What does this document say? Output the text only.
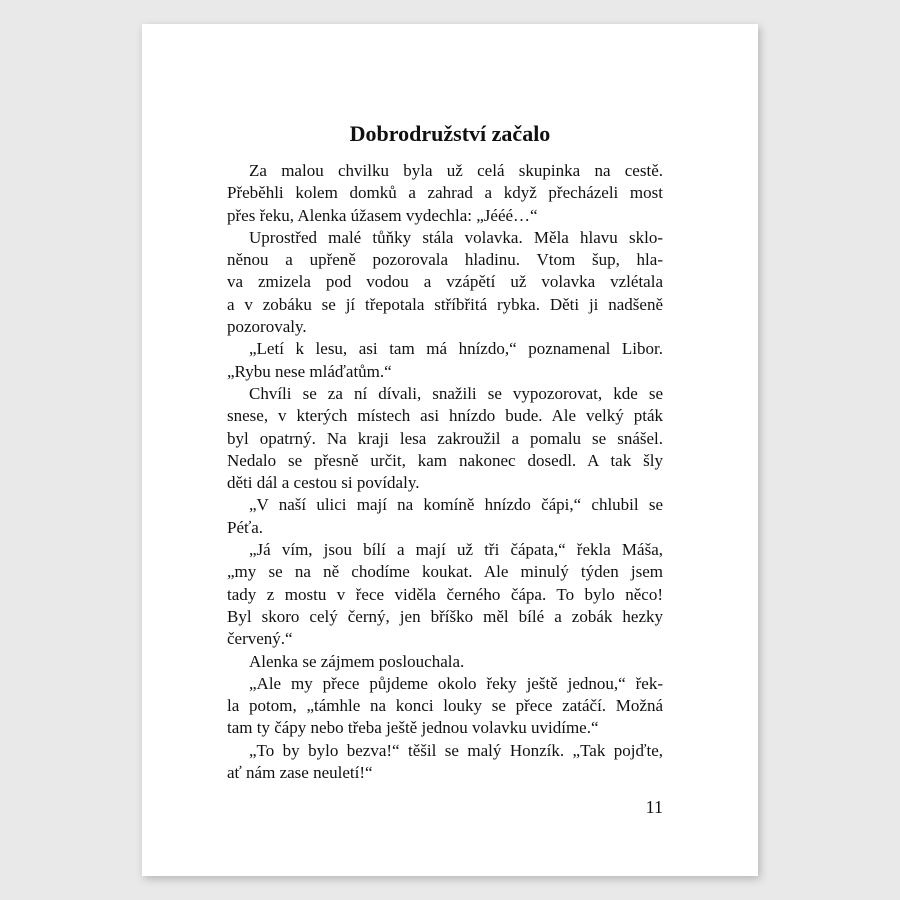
Dobrodružství začalo
Za malou chvilku byla už celá skupinka na cestě.
Přeběhli kolem domků a zahrad a když přecházeli most
přes řeku, Alenka úžasem vydechla: „Jééé…“
Uprostřed malé tůňky stála volavka. Měla hlavu sklo-
něnou a upřeně pozorovala hladinu. Vtom šup, hla-
va zmizela pod vodou a vzápětí už volavka vzlétala
a v zobáku se jí třepotala stříbřitá rybka. Děti ji nadšeně
pozorovaly.
„Letí k lesu, asi tam má hnízdo,“ poznamenal Libor.
„Rybu nese mláďatům.“
Chvíli se za ní dívali, snažili se vypozorovat, kde se
snese, v kterých místech asi hnízdo bude. Ale velký pták
byl opatrný. Na kraji lesa zakroužil a pomalu se snášel.
Nedalo se přesně určit, kam nakonec dosedl. A tak šly
děti dál a cestou si povídaly.
„V naší ulici mají na komíně hnízdo čápi,“ chlubil se
Péťa.
„Já vím, jsou bílí a mají už tři čápata,“ řekla Máša,
„my se na ně chodíme koukat. Ale minulý týden jsem
tady z mostu v řece viděla černého čápa. To bylo něco!
Byl skoro celý černý, jen bříško měl bílé a zobák hezky
červený.“
Alenka se zájmem poslouchala.
„Ale my přece půjdeme okolo řeky ještě jednou,“ řek-
la potom, „támhle na konci louky se přece zatáčí. Možná
tam ty čápy nebo třeba ještě jednou volavku uvidíme.“
„To by bylo bezva!“ těšil se malý Honzík. „Tak pojďte,
ať nám zase neuletí!“
11
